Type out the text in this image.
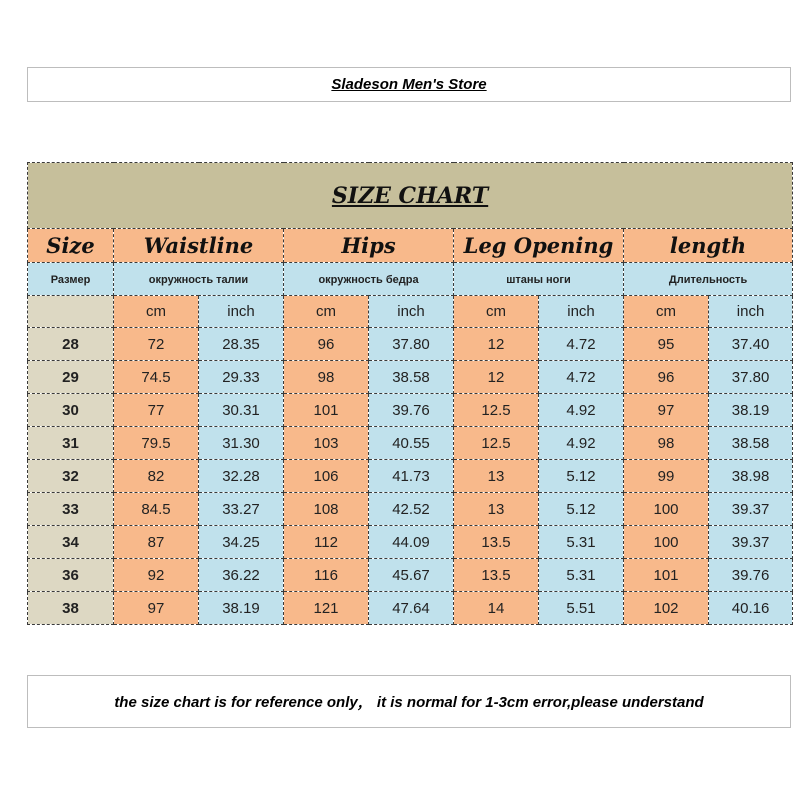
Sladeson Men's Store
SIZE CHART								
Size	Waistline		Hips		Leg Opening		length	
Размер	окружность талии		окружность бедра		штаны ноги		Длительность	
	cm	inch	cm	inch	cm	inch	cm	inch
28	72	28.35	96	37.80	12	4.72	95	37.40
29	74.5	29.33	98	38.58	12	4.72	96	37.80
30	77	30.31	101	39.76	12.5	4.92	97	38.19
31	79.5	31.30	103	40.55	12.5	4.92	98	38.58
32	82	32.28	106	41.73	13	5.12	99	38.98
33	84.5	33.27	108	42.52	13	5.12	100	39.37
34	87	34.25	112	44.09	13.5	5.31	100	39.37
36	92	36.22	116	45.67	13.5	5.31	101	39.76
38	97	38.19	121	47.64	14	5.51	102	40.16
the size chart is for reference only， it is normal for 1-3cm error,please understand
